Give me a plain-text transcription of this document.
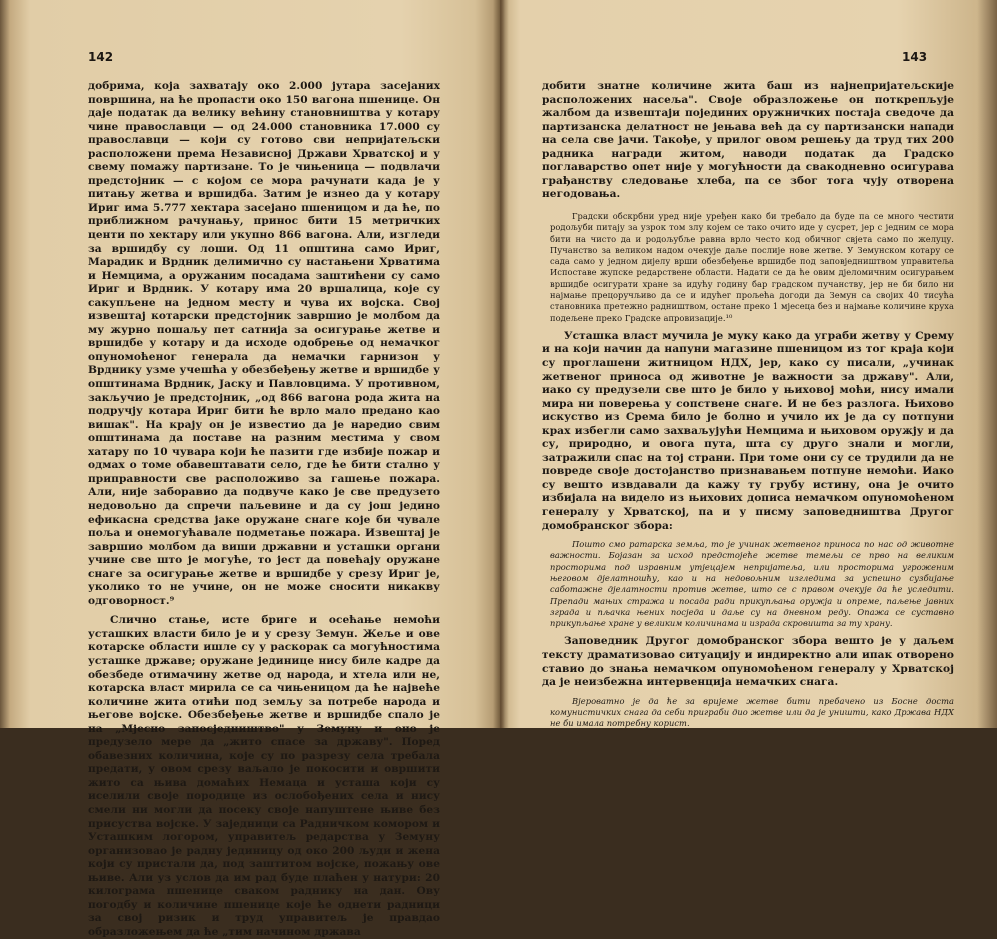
142

добрима, која захватају око 2.000 јутара засејаних површина, на ће пропасти око 150 вагона пшенице. Он даје податак да велику већину становништва у котару чине православци — од 24.000 становника 17.000 су православци — који су готово сви непријатељски расположени према Независној Држави Хрватској и у свему помажу партизане. То је чињеница — подвлачи предстојник — с којом се мора рачунати када је у питању жетва и вршидба. Затим је изнео да у котару Ириг има 5.777 хектара засејано пшеницом и да ће, по приближном рачунању, принос бити 15 метричких центи по хектару или укупно 866 вагона. Али, изгледи за вршидбу су лоши. Од 11 општина само Ириг, Марадик и Врдник делимично су настањени Хрватима и Немцима, а оружаним посадама заштићени су само Ириг и Врдник. У котару има 20 вршалица, које су сакупљене на једном месту и чува их војска. Свој извештај котарски предстојник завршио је молбом да му журно пошаљу пет сатнија за осигурање жетве и вршидбе у котару и да исходе одобрење од немачког опуномоћеног генерала да немачки гарнизон у Врднику узме учешћа у обезбеђењу жетве и вршидбе у општинама Врдник, Јаску и Павловцима. У противном, закључио је предстојник, „од 866 вагона рода жита на подручју котара Ириг бити ће врло мало предано као вишак". На крају он је известио да је наредио свим општинама да поставе на разним местима у свом хатару по 10 чувара који ће пазити где избије пожар и одмах о томе обавештавати село, где ће бити стално у приправности све расположиво за гашење пожара. Али, није заборавио да подвуче како је све предузето недовољно да спречи паљевине и да су још једино ефикасна средства јаке оружане снаге које би чувале поља и онемогућавале подметање пожара. Извештај је завршио молбом да виши државни и усташки органи учине све што је могуће, то јест да повећају оружане снаге за осигурање жетве и вршидбе у срезу Ириг је, уколико то не учине, он не може сносити никакву одговорност.⁹

Слично стање, исте бриге и осећање немоћи усташких власти било је и у срезу Земун. Жеље и ове котарске области ишле су у раскорак са могућностима усташке државе; оружане јединице нису биле кадре да обезбеде отимачину жетве од народа, и хтела или не, котарска власт мирила се са чињеницом да ће највеће количине жита отићи под земљу за потребе народа и његове војске. Обезбеђење жетве и вршидбе спало је на „Мјесно запосједништво" у Земуну и оно је предузело мере да „жито спасе за државу". Поред обавезних количина, које су по разрезу села требала предати, у овом срезу ваљало је покосити и овршити жито са њива домаћих Немаца и усташа који су иселили своје породице из ослобођених села и нису смели ни могли да посеку своје напуштене њиве без присуства војске. У заједници са Радничком комором и Усташким логором, управитељ редарства у Земуну организовао је радну јединицу од око 200 људи и жена који су пристали да, под заштитом војске, пожању ове њиве. Али уз услов да им рад буде плаћен у натури: 20 килограма пшенице сваком раднику на дан. Ову погодбу и количине пшенице које ће однети радници за свој ризик и труд управитељ је правдао образложењем да ће „тим начином држава

143

добити знатне количине жита баш из најнепријатељскије расположених насеља". Своје образложење он поткрепљује жалбом да извештаји појединих оружничких постаја сведоче да партизанска делатност не јењава већ да су партизански напади на села све јачи. Такође, у прилог овом решењу да труд тих 200 радника награди житом, наводи податак да Градско поглаварство опет није у могућности да свакодневно осигурава грађанству следовање хлеба, па се због тога чују отворена негодовања.

Градски обскрбни уред није уређен како би требало да буде па се много честити родољуби питају за узрок том злу којем се тако очито иде у сусрет, јер с једним се мора бити на чисто да и родољубље равна врло често код обичног свјета само по желуцу. Пучанство за великом надом очекује даље послије нове жетве. У Земунском котару се сада само у једном дијелу врши обезбеђење вршидбе под заповједништвом управитеља Испоставе жупске редарствене области. Надати се да ће овим дјеломичним осигурањем вршидбе осигурати хране за идућу годину бар градском пучанству, јер не би било ни најмање прецоручљиво да се и идућег прољећа догоди да Земун са својих 40 тисућа становника претежно радништвом, остане преко 1 мјесеца без и најмање количине круха подељене преко Градске апровизације.¹⁰

Усташка власт мучила је муку како да уграби жетву у Срему и на који начин да напуни магазине пшеницом из тог краја који су проглашени житницом НДХ, јер, како су писали, „учинак жетвеног приноса од животне је важности за државу". Али, иако су предузели све што је било у њиховој моћи, нису имали мира ни поверења у сопствене снаге. И не без разлога. Њихово искуство из Срема било је болно и учило их је да су потпуни краx избегли само захваљујући Немцима и њиховом оружју и да су, природно, и овога пута, шта су друго знали и могли, затражили спас на тој страни. При томе они су се трудили да не повреде своје достојанство признавањем потпуне немоћи. Иако су вешто извдавали да кажу ту грубу истину, она је очито избијала на видело из њихових дописа немачком опуномоћеном генералу у Хрватској, па и у писму заповедништва Другог домобранског збора:

Пошто смо ратарска земља, то је учинак жетвеног приноса по нас од животне важности. Бојазан за исход предстојеће жетве темељи се прво на великим просторима под изравним утјецајем непријатеља, или просторима угроженим његовом дјелатношћу, као и на недовољним изгледима за успешно сузбијање саботажне дјелатности против жетве, што се с правом очекује да ће уследити. Препади мањих стража и посада ради прикупљања оружја и опреме, паљење јавних зграда и пљачка њених посједа и даље су на дневном реду. Опажа се суставно прикупљање хране у великим количинама и израда скровишта за ту храну.

Заповедник Другог домобранског збора вешто је у даљем тексту драматизовао ситуацију и индиректно али ипак отворено ставио до знања немачком опуномоћеном генералу у Хрватској да је неизбежна интервенција немачких снага.

Вјероватно је да ће за вријеме жетве бити пребачено из Босне доста комунистичких снага да себи приграби дио жетве или да је уништи, како Држава НДХ не би имала потребну корист.
